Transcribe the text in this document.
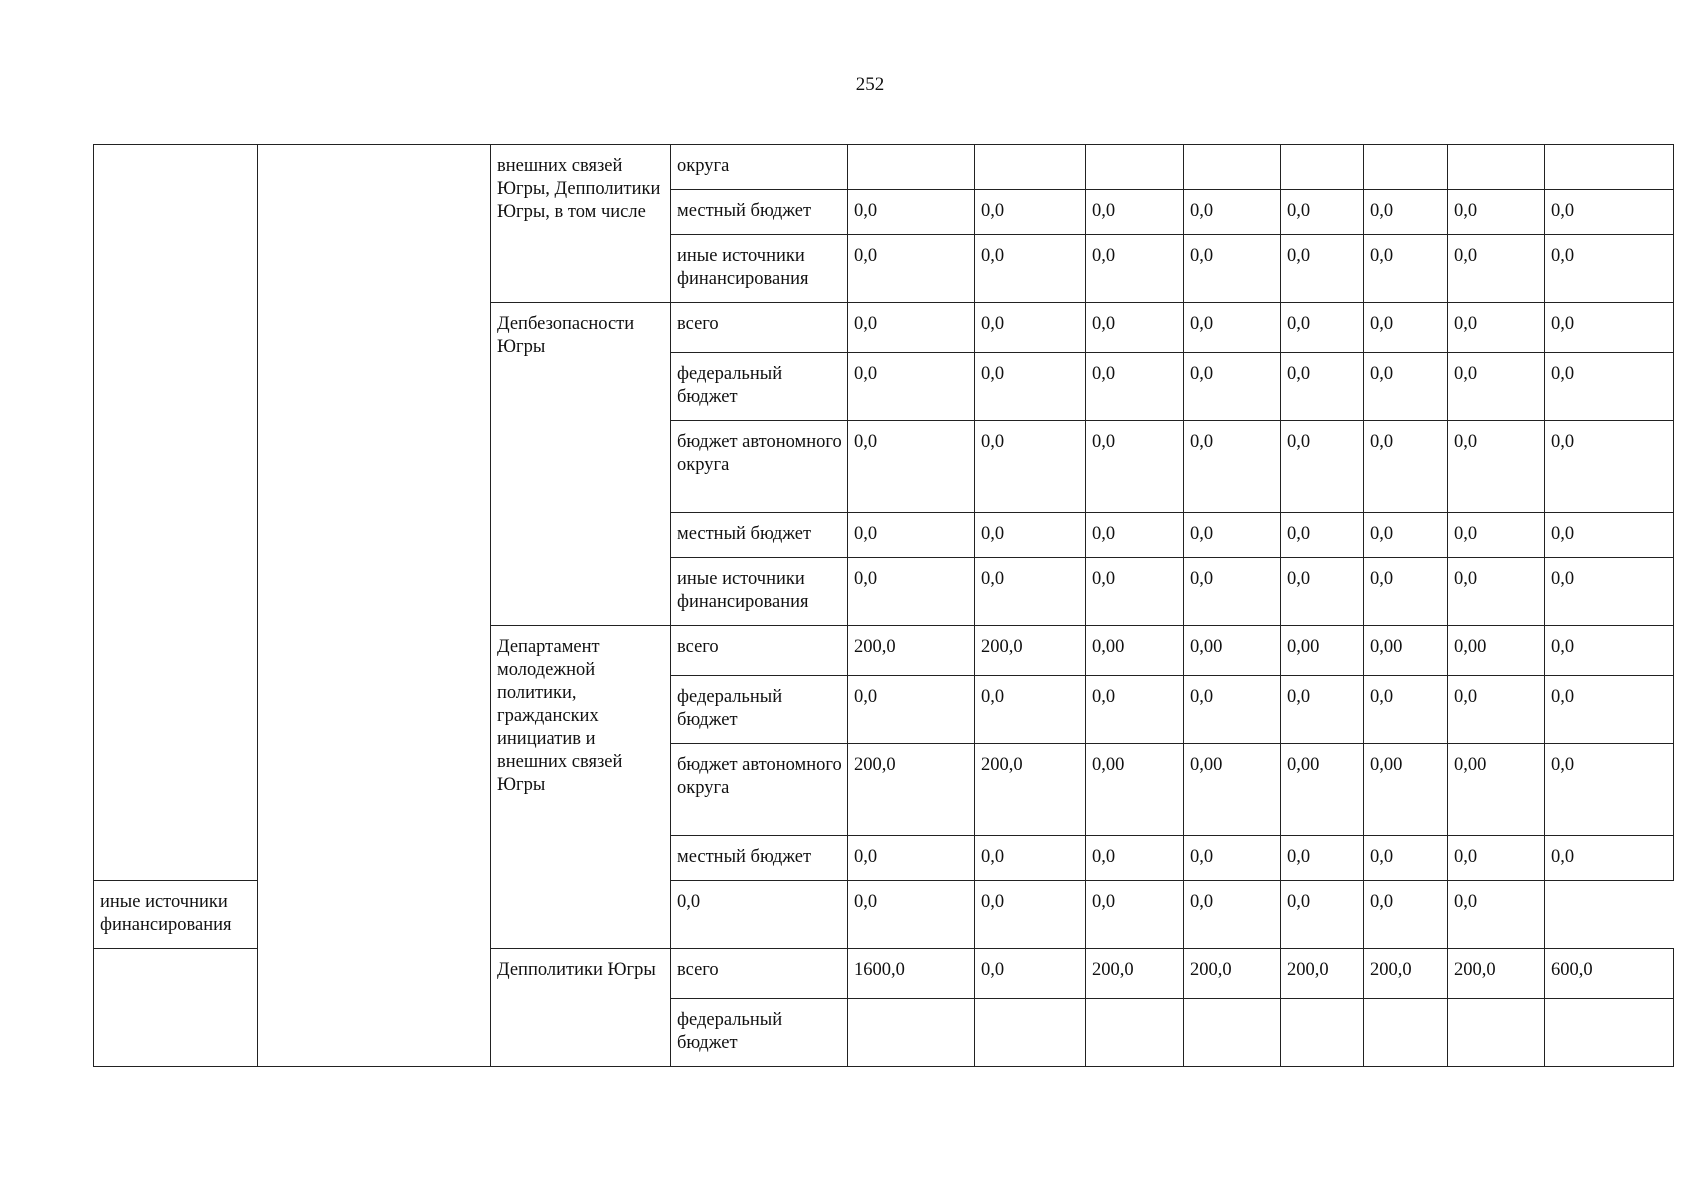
252
		внешних связей Югры, Депполитики Югры, в том числе	округа								
			местный бюджет	0,0	0,0	0,0	0,0	0,0	0,0	0,0	0,0
			иные источники финансирования	0,0	0,0	0,0	0,0	0,0	0,0	0,0	0,0
		Депбезопасности Югры	всего	0,0	0,0	0,0	0,0	0,0	0,0	0,0	0,0
			федеральный бюджет	0,0	0,0	0,0	0,0	0,0	0,0	0,0	0,0
			бюджет автономного округа	0,0	0,0	0,0	0,0	0,0	0,0	0,0	0,0
			местный бюджет	0,0	0,0	0,0	0,0	0,0	0,0	0,0	0,0
			иные источники финансирования	0,0	0,0	0,0	0,0	0,0	0,0	0,0	0,0
		Департамент молодежной политики, гражданских инициатив и внешних связей Югры	всего	200,0	200,0	0,00	0,00	0,00	0,00	0,00	0,0
			федеральный бюджет	0,0	0,0	0,0	0,0	0,0	0,0	0,0	0,0
			бюджет автономного округа	200,0	200,0	0,00	0,00	0,00	0,00	0,00	0,0
			местный бюджет	0,0	0,0	0,0	0,0	0,0	0,0	0,0	0,0
иные источники финансирования			0,0	0,0	0,0	0,0	0,0	0,0	0,0	0,0	
		Депполитики Югры	всего	1600,0	0,0	200,0	200,0	200,0	200,0	200,0	600,0
			федеральный бюджет								
